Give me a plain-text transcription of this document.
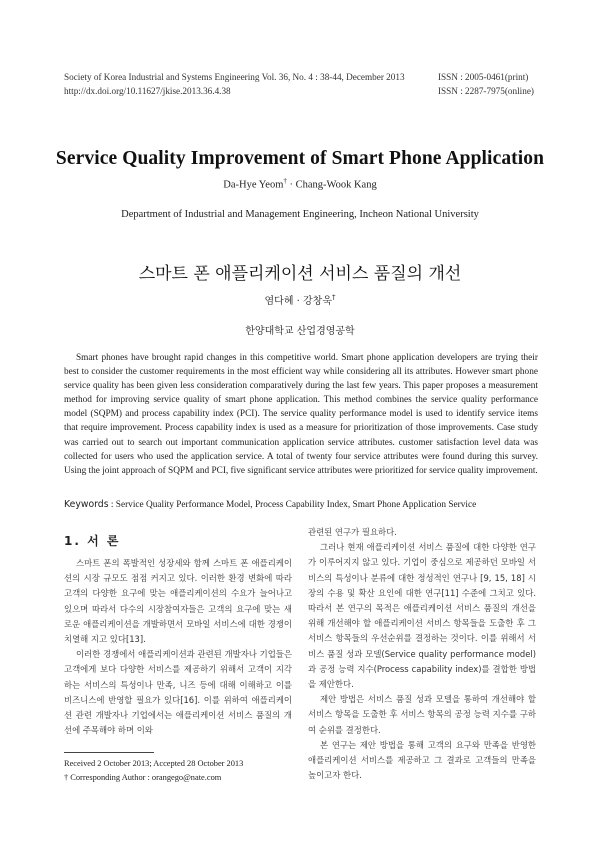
Society of Korea Industrial and Systems Engineering Vol. 36, No. 4 : 38-44, December 2013
http://dx.doi.org/10.11627/jkise.2013.36.4.38
ISSN : 2005-0461(print)
ISSN : 2287-7975(online)
Service Quality Improvement of Smart Phone Application
Da-Hye Yeom† · Chang-Wook Kang
Department of Industrial and Management Engineering, Incheon National University
스마트 폰 애플리케이션 서비스 품질의 개선
염다혜 · 강창욱†
한양대학교 산업경영공학
Smart phones have brought rapid changes in this competitive world. Smart phone application developers are trying their best to consider the customer requirements in the most efficient way while considering all its attributes. However smart phone service quality has been given less consideration comparatively during the last few years. This paper proposes a measurement method for improving service quality of smart phone application. This method combines the service quality performance model (SQPM) and process capability index (PCI). The service quality performance model is used to identify service items that require improvement. Process capability index is used as a measure for prioritization of those improvements. Case study was carried out to search out important communication application service attributes. customer satisfaction level data was collected for users who used the application service. A total of twenty four service attributes were found during this survey. Using the joint approach of SQPM and PCI, five significant service attributes were prioritized for service quality improvement.
Keywords : Service Quality Performance Model, Process Capability Index, Smart Phone Application Service
1. 서 론

스마트 폰의 폭발적인 성장세와 함께 스마트 폰 애플리케이션의 시장 규모도 점점 커지고 있다. 이러한 환경 변화에 따라 고객의 다양한 요구에 맞는 애플리케이션의 수요가 늘어나고 있으며 따라서 다수의 시장참여자들은 고객의 요구에 맞는 새로운 애플리케이션을 개발하면서 모바일 서비스에 대한 경쟁이 치열해 지고 있다[13].

이러한 경쟁에서 애플리케이션과 관련된 개발자나 기업들은 고객에게 보다 다양한 서비스를 제공하기 위해서 고객이 지각하는 서비스의 특성이나 만족, 니즈 등에 대해 이해하고 이를 비즈니스에 반영할 필요가 있다[16]. 이를 위하여 애플리케이션 관련 개발자나 기업에서는 애플리케이션 서비스 품질의 개선에 주목해야 하며 이와

관련된 연구가 필요하다.

그러나 현재 애플리케이션 서비스 품질에 대한 다양한 연구가 이루어지지 않고 있다. 기업이 중심으로 제공하던 모바일 서비스의 특성이나 분류에 대한 정성적인 연구나 [9, 15, 18] 시장의 수용 및 확산 요인에 대한 연구[11] 수준에 그치고 있다. 따라서 본 연구의 목적은 애플리케이션 서비스 품질의 개선을 위해 개선해야 할 애플리케이션 서비스 항목들을 도출한 후 그 서비스 항목들의 우선순위를 결정하는 것이다. 이를 위해서 서비스 품질 성과 모델(Service quality performance model)과 공정 능력 지수(Process capability index)를 결합한 방법을 제안한다.

제안 방법은 서비스 품질 성과 모델을 통하여 개선해야 할 서비스 항목을 도출한 후 서비스 항목의 공정 능력 지수를 구하여 순위를 결정한다.

본 연구는 제안 방법을 통해 고객의 요구와 만족을 반영한 애플리케이션 서비스를 제공하고 그 결과로 고객들의 만족을 높이고자 한다.

Received 2 October 2013; Accepted 28 October 2013
† Corresponding Author : orangego@nate.com
